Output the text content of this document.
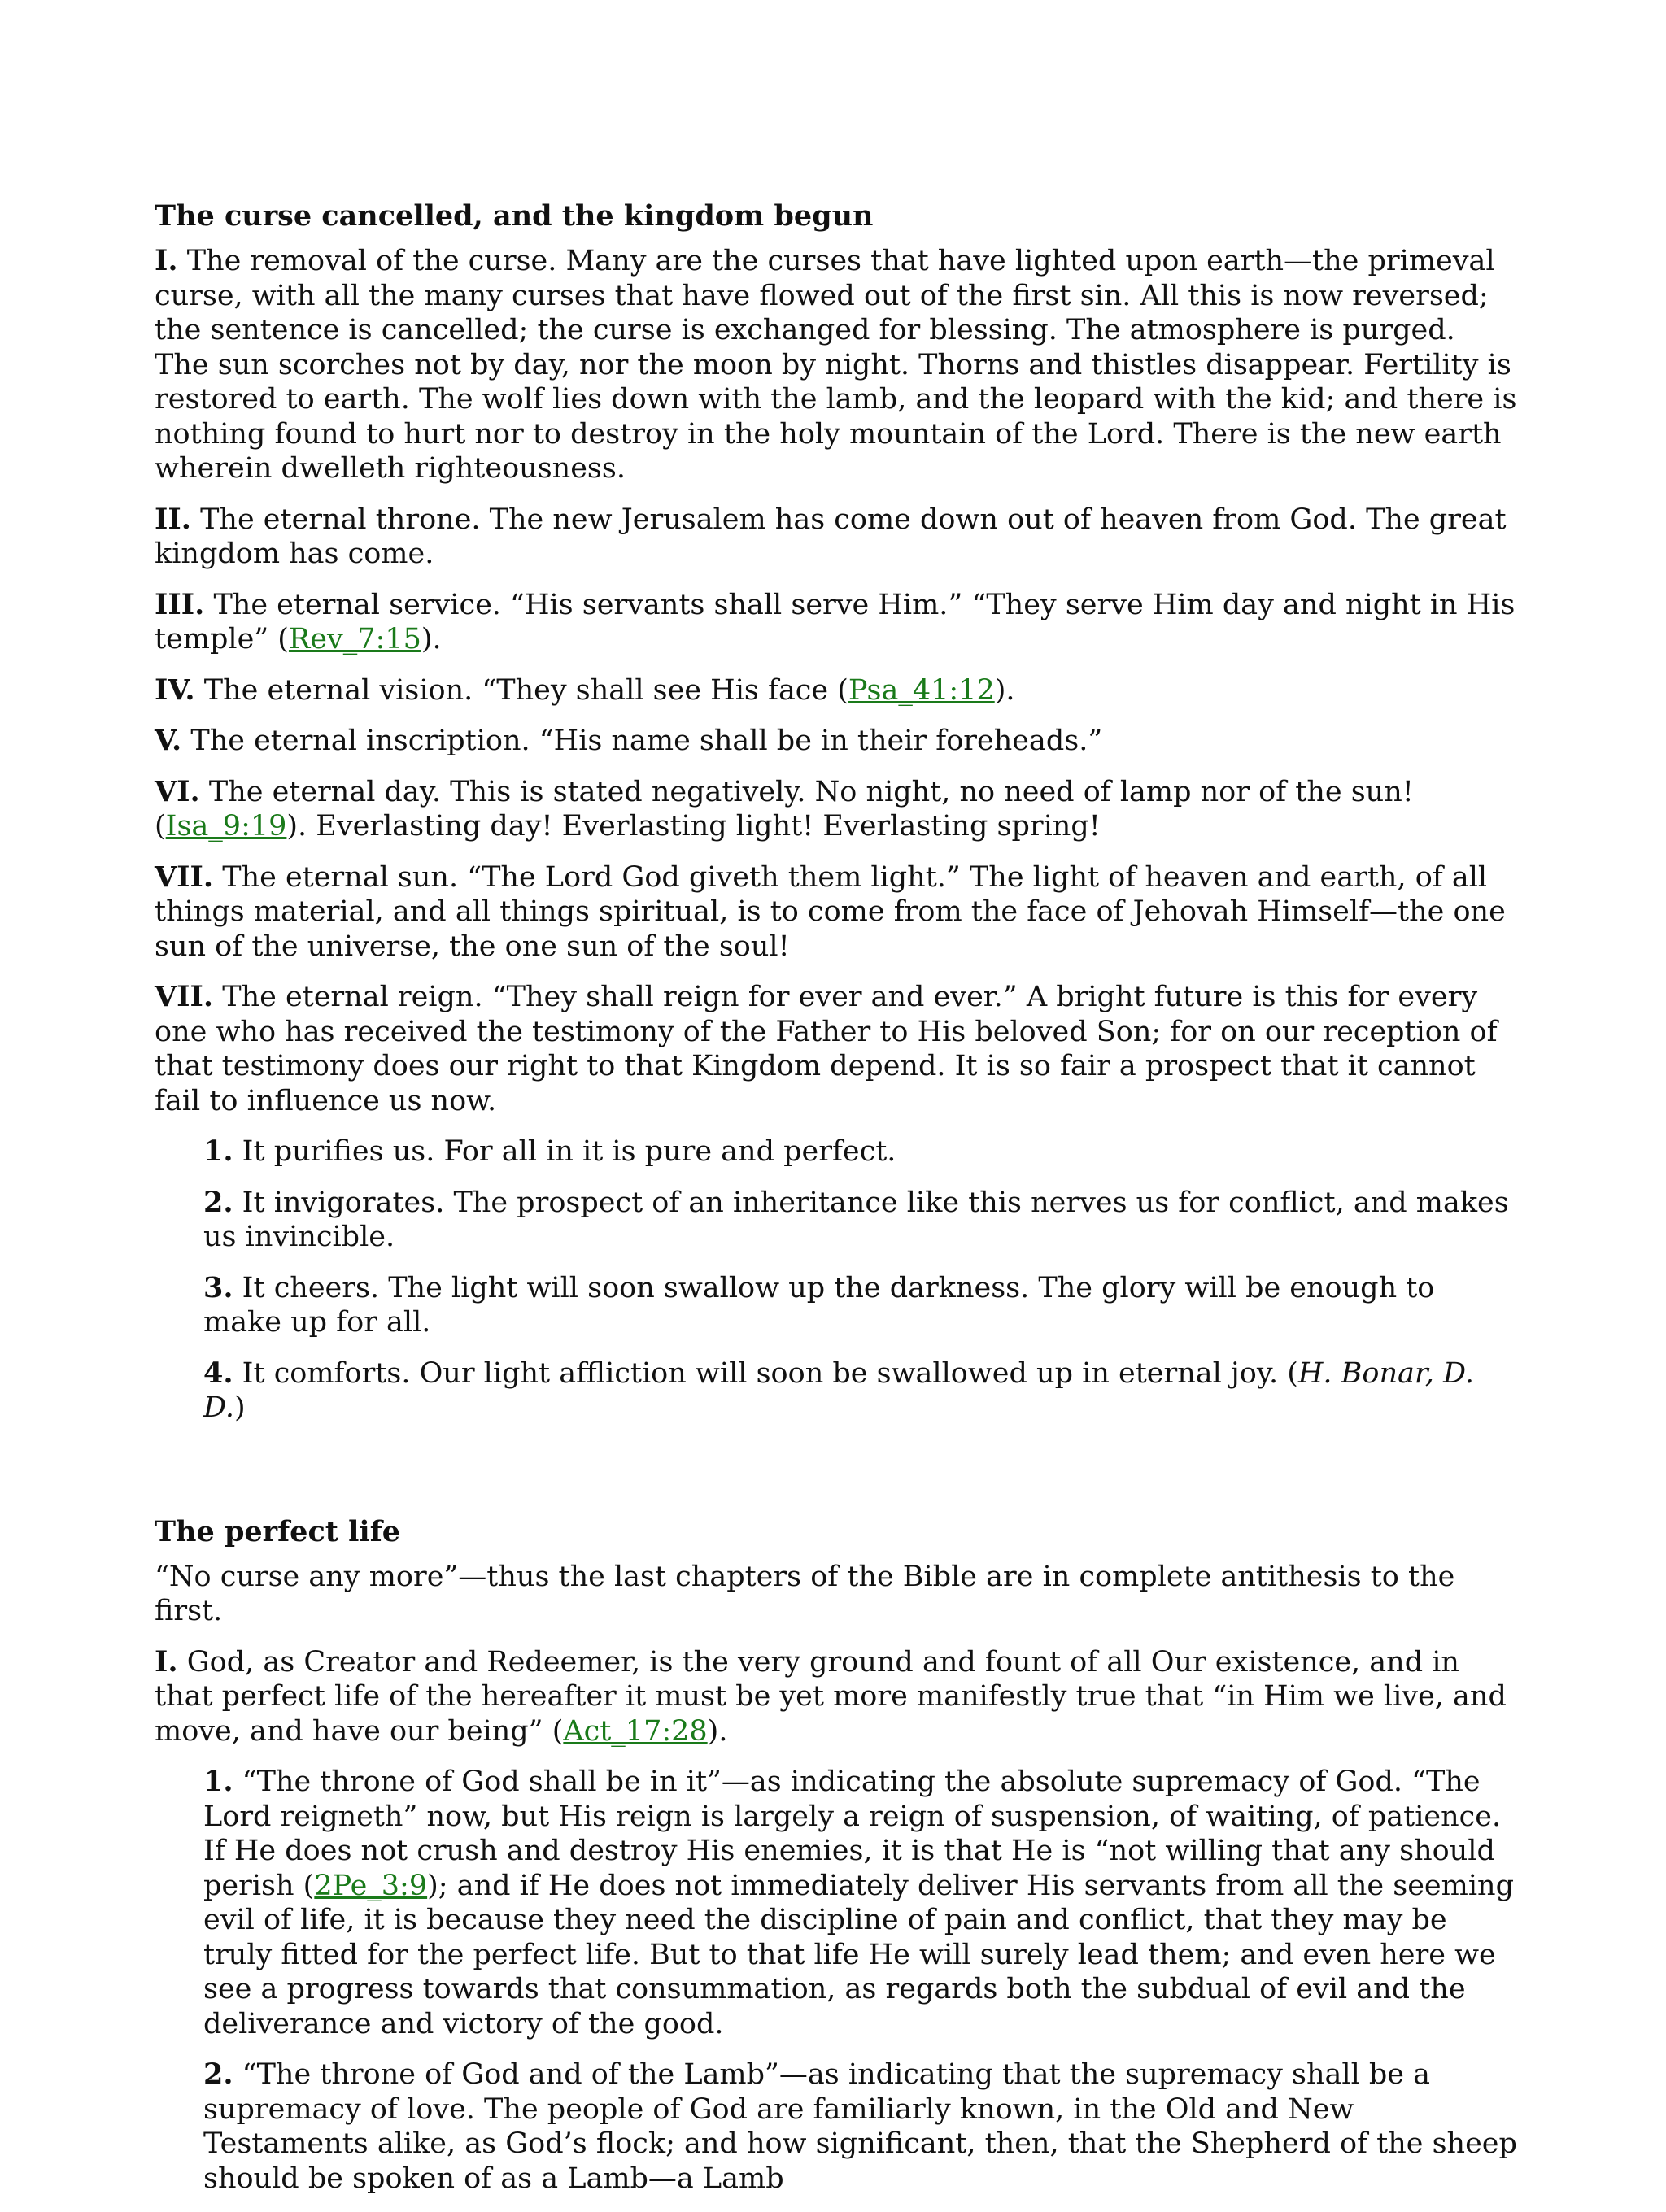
The curse cancelled, and the kingdom begun

I. The removal of the curse. Many are the curses that have lighted upon earth—the primeval curse, with all the many curses that have flowed out of the first sin. All this is now reversed; the sentence is cancelled; the curse is exchanged for blessing. The atmosphere is purged. The sun scorches not by day, nor the moon by night. Thorns and thistles disappear. Fertility is restored to earth. The wolf lies down with the lamb, and the leopard with the kid; and there is nothing found to hurt nor to destroy in the holy mountain of the Lord. There is the new earth wherein dwelleth righteousness.

II. The eternal throne. The new Jerusalem has come down out of heaven from God. The great kingdom has come.

III. The eternal service. “His servants shall serve Him.” “They serve Him day and night in His temple” (Rev_7:15).

IV. The eternal vision. “They shall see His face (Psa_41:12).

V. The eternal inscription. “His name shall be in their foreheads.”

VI. The eternal day. This is stated negatively. No night, no need of lamp nor of the sun! (Isa_9:19). Everlasting day! Everlasting light! Everlasting spring!

VII. The eternal sun. “The Lord God giveth them light.” The light of heaven and earth, of all things material, and all things spiritual, is to come from the face of Jehovah Himself—the one sun of the universe, the one sun of the soul!

VII. The eternal reign. “They shall reign for ever and ever.” A bright future is this for every one who has received the testimony of the Father to His beloved Son; for on our reception of that testimony does our right to that Kingdom depend. It is so fair a prospect that it cannot fail to influence us now.

1. It purifies us. For all in it is pure and perfect.

2. It invigorates. The prospect of an inheritance like this nerves us for conflict, and makes us invincible.

3. It cheers. The light will soon swallow up the darkness. The glory will be enough to make up for all.

4. It comforts. Our light affliction will soon be swallowed up in eternal joy. (H. Bonar, D. D.)

The perfect life

“No curse any more”—thus the last chapters of the Bible are in complete antithesis to the first.

I. God, as Creator and Redeemer, is the very ground and fount of all Our existence, and in that perfect life of the hereafter it must be yet more manifestly true that “in Him we live, and move, and have our being” (Act_17:28).

1. “The throne of God shall be in it”—as indicating the absolute supremacy of God. “The Lord reigneth” now, but His reign is largely a reign of suspension, of waiting, of patience. If He does not crush and destroy His enemies, it is that He is “not willing that any should perish (2Pe_3:9); and if He does not immediately deliver His servants from all the seeming evil of life, it is because they need the discipline of pain and conflict, that they may be truly fitted for the perfect life. But to that life He will surely lead them; and even here we see a progress towards that consummation, as regards both the subdual of evil and the deliverance and victory of the good.

2. “The throne of God and of the Lamb”—as indicating that the supremacy shall be a supremacy of love. The people of God are familiarly known, in the Old and New Testaments alike, as God’s flock; and how significant, then, that the Shepherd of the sheep should be spoken of as a Lamb—a Lamb
